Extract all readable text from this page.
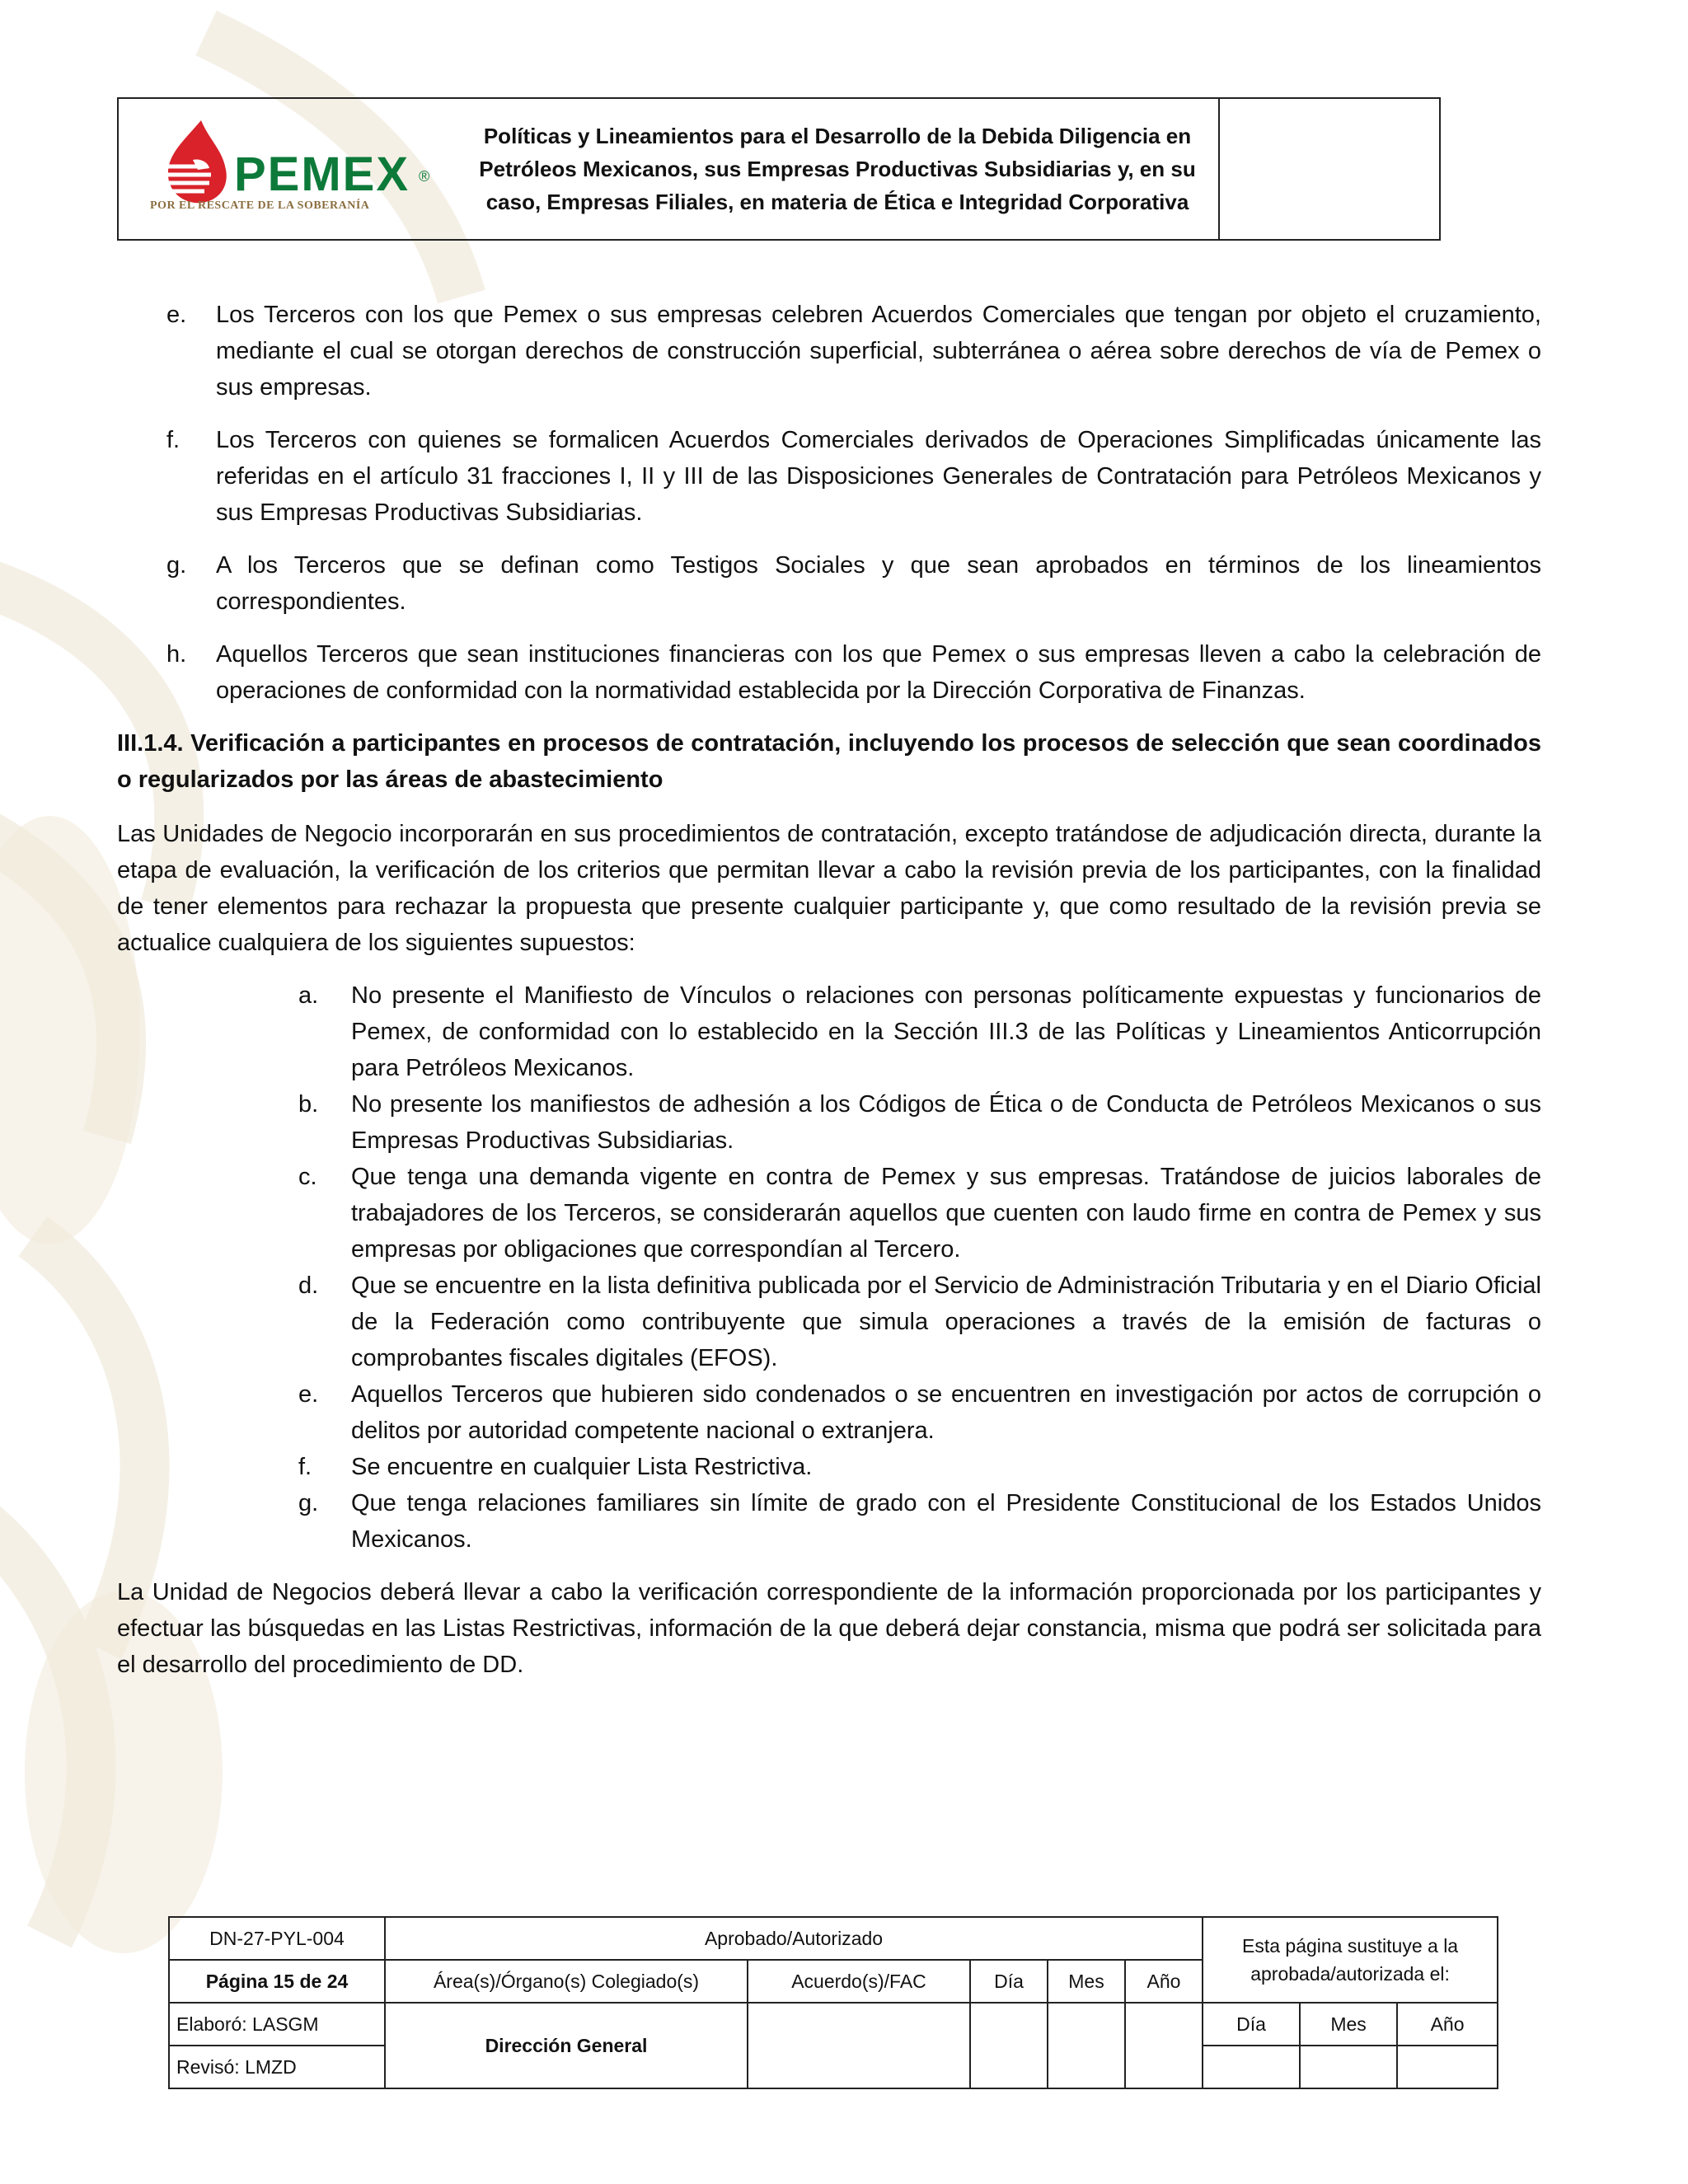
PEMEX ®
POR EL RESCATE DE LA SOBERANÍA
Políticas y Lineamientos para el Desarrollo de la Debida Diligencia en Petróleos Mexicanos, sus Empresas Productivas Subsidiarias y, en su caso, Empresas Filiales, en materia de Ética e Integridad Corporativa
e.	Los Terceros con los que Pemex o sus empresas celebren Acuerdos Comerciales que tengan por objeto el cruzamiento, mediante el cual se otorgan derechos de construcción superficial, subterránea o aérea sobre derechos de vía de Pemex o sus empresas.
f.	Los Terceros con quienes se formalicen Acuerdos Comerciales derivados de Operaciones Simplificadas únicamente las referidas en el artículo 31 fracciones I, II y III de las Disposiciones Generales de Contratación para Petróleos Mexicanos y sus Empresas Productivas Subsidiarias.
g.	A los Terceros que se definan como Testigos Sociales y que sean aprobados en términos de los lineamientos correspondientes.
h.	Aquellos Terceros que sean instituciones financieras con los que Pemex o sus empresas lleven a cabo la celebración de operaciones de conformidad con la normatividad establecida por la Dirección Corporativa de Finanzas.
III.1.4. Verificación a participantes en procesos de contratación, incluyendo los procesos de selección que sean coordinados o regularizados por las áreas de abastecimiento
Las Unidades de Negocio incorporarán en sus procedimientos de contratación, excepto tratándose de adjudicación directa, durante la etapa de evaluación, la verificación de los criterios que permitan llevar a cabo la revisión previa de los participantes, con la finalidad de tener elementos para rechazar la propuesta que presente cualquier participante y, que como resultado de la revisión previa se actualice cualquiera de los siguientes supuestos:
a.	No presente el Manifiesto de Vínculos o relaciones con personas políticamente expuestas y funcionarios de Pemex, de conformidad con lo establecido en la Sección III.3 de las Políticas y Lineamientos Anticorrupción para Petróleos Mexicanos.
b.	No presente los manifiestos de adhesión a los Códigos de Ética o de Conducta de Petróleos Mexicanos o sus Empresas Productivas Subsidiarias.
c.	Que tenga una demanda vigente en contra de Pemex y sus empresas. Tratándose de juicios laborales de trabajadores de los Terceros, se considerarán aquellos que cuenten con laudo firme en contra de Pemex y sus empresas por obligaciones que correspondían al Tercero.
d.	Que se encuentre en la lista definitiva publicada por el Servicio de Administración Tributaria y en el Diario Oficial de la Federación como contribuyente que simula operaciones a través de la emisión de facturas o comprobantes fiscales digitales (EFOS).
e.	Aquellos Terceros que hubieren sido condenados o se encuentren en investigación por actos de corrupción o delitos por autoridad competente nacional o extranjera.
f.	Se encuentre en cualquier Lista Restrictiva.
g.	Que tenga relaciones familiares sin límite de grado con el Presidente Constitucional de los Estados Unidos Mexicanos.
La Unidad de Negocios deberá llevar a cabo la verificación correspondiente de la información proporcionada por los participantes y efectuar las búsquedas en las Listas Restrictivas, información de la que deberá dejar constancia, misma que podrá ser solicitada para el desarrollo del procedimiento de DD.
DN-27-PYL-004	Aprobado/Autorizado					Esta página sustituye a la aprobada/autorizada el:		
Página 15 de 24	Área(s)/Órgano(s) Colegiado(s)	Acuerdo(s)/FAC	Día	Mes	Año			
Elaboró: LASGM	Dirección General					Día	Mes	Año
Revisó: LMZD								
